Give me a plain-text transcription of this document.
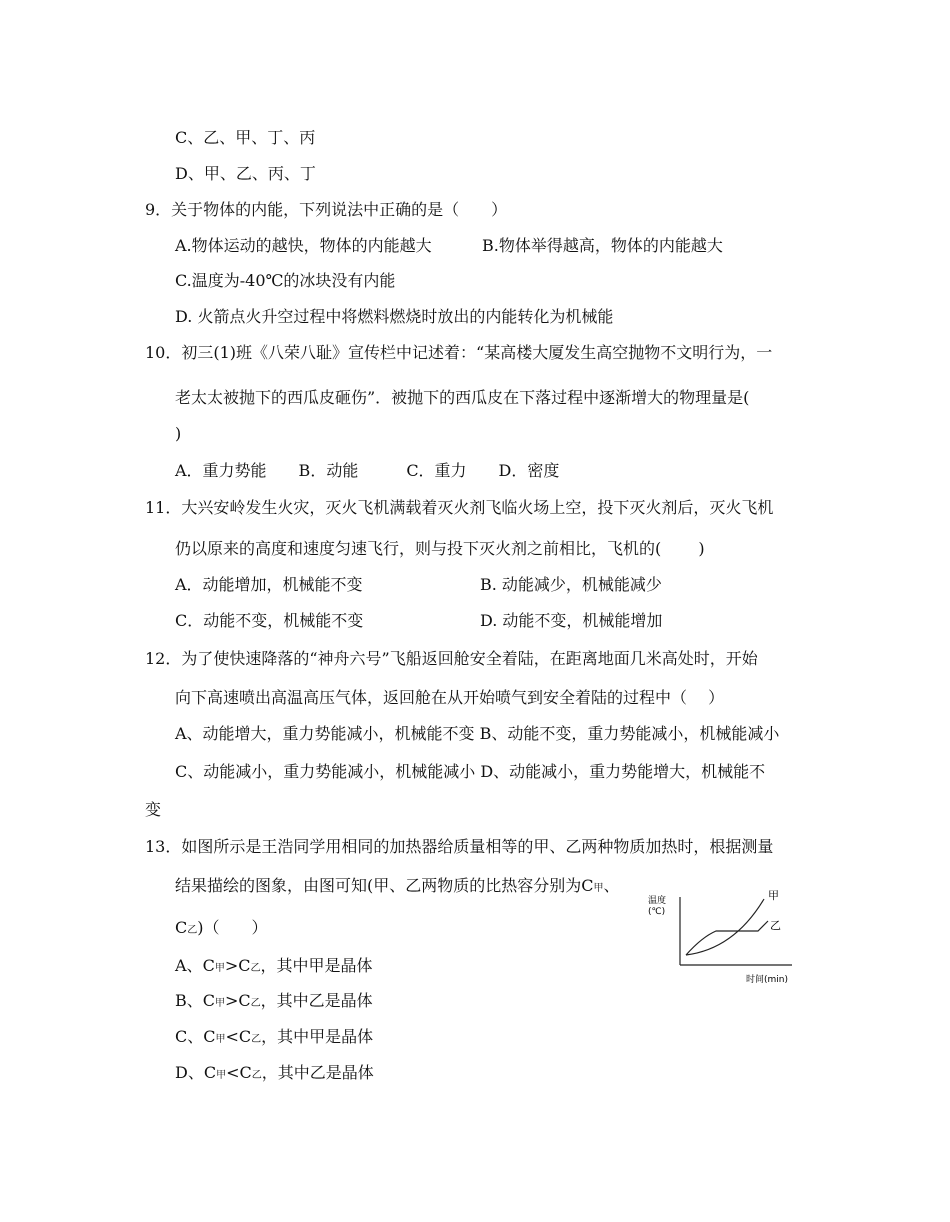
C、乙、甲、丁、丙
D、甲、乙、丙、丁
9．关于物体的内能，下列说法中正确的是（　　）
A.物体运动的越快，物体的内能越大	B.物体举得越高，物体的内能越大
C.温度为-40℃的冰块没有内能
D. 火箭点火升空过程中将燃料燃烧时放出的内能转化为机械能
10．初三(1)班《八荣八耻》宣传栏中记述着：“某高楼大厦发生高空抛物不文明行为，一
老太太被抛下的西瓜皮砸伤”．被抛下的西瓜皮在下落过程中逐渐增大的物理量是(
)
A．重力势能　　B．动能　　　C．重力　　D．密度
11．大兴安岭发生火灾，灭火飞机满载着灭火剂飞临火场上空，投下灭火剂后，灭火飞机
仍以原来的高度和速度匀速飞行，则与投下灭火剂之前相比，飞机的(　　 )
A．动能增加，机械能不变	B. 动能减少，机械能减少
C．动能不变，机械能不变	D. 动能不变，机械能增加
12．为了使快速降落的“神舟六号”飞船返回舱安全着陆，在距离地面几米高处时，开始
向下高速喷出高温高压气体，返回舱在从开始喷气到安全着陆的过程中（　 ）
A、动能增大，重力势能减小，机械能不变 B、动能不变，重力势能减小，机械能减小
C、动能减小，重力势能减小，机械能减小 D、动能减小，重力势能增大，机械能不
变
13．如图所示是王浩同学用相同的加热器给质量相等的甲、乙两种物质加热时，根据测量
结果描绘的图象，由图可知(甲、乙两物质的比热容分别为C甲、
C乙)（　　）
A、C甲>C乙，其中甲是晶体
B、C甲>C乙，其中乙是晶体
C、C甲<C乙，其中甲是晶体
D、C甲<C乙，其中乙是晶体
温度
(℃)
时间(min)
甲
乙
